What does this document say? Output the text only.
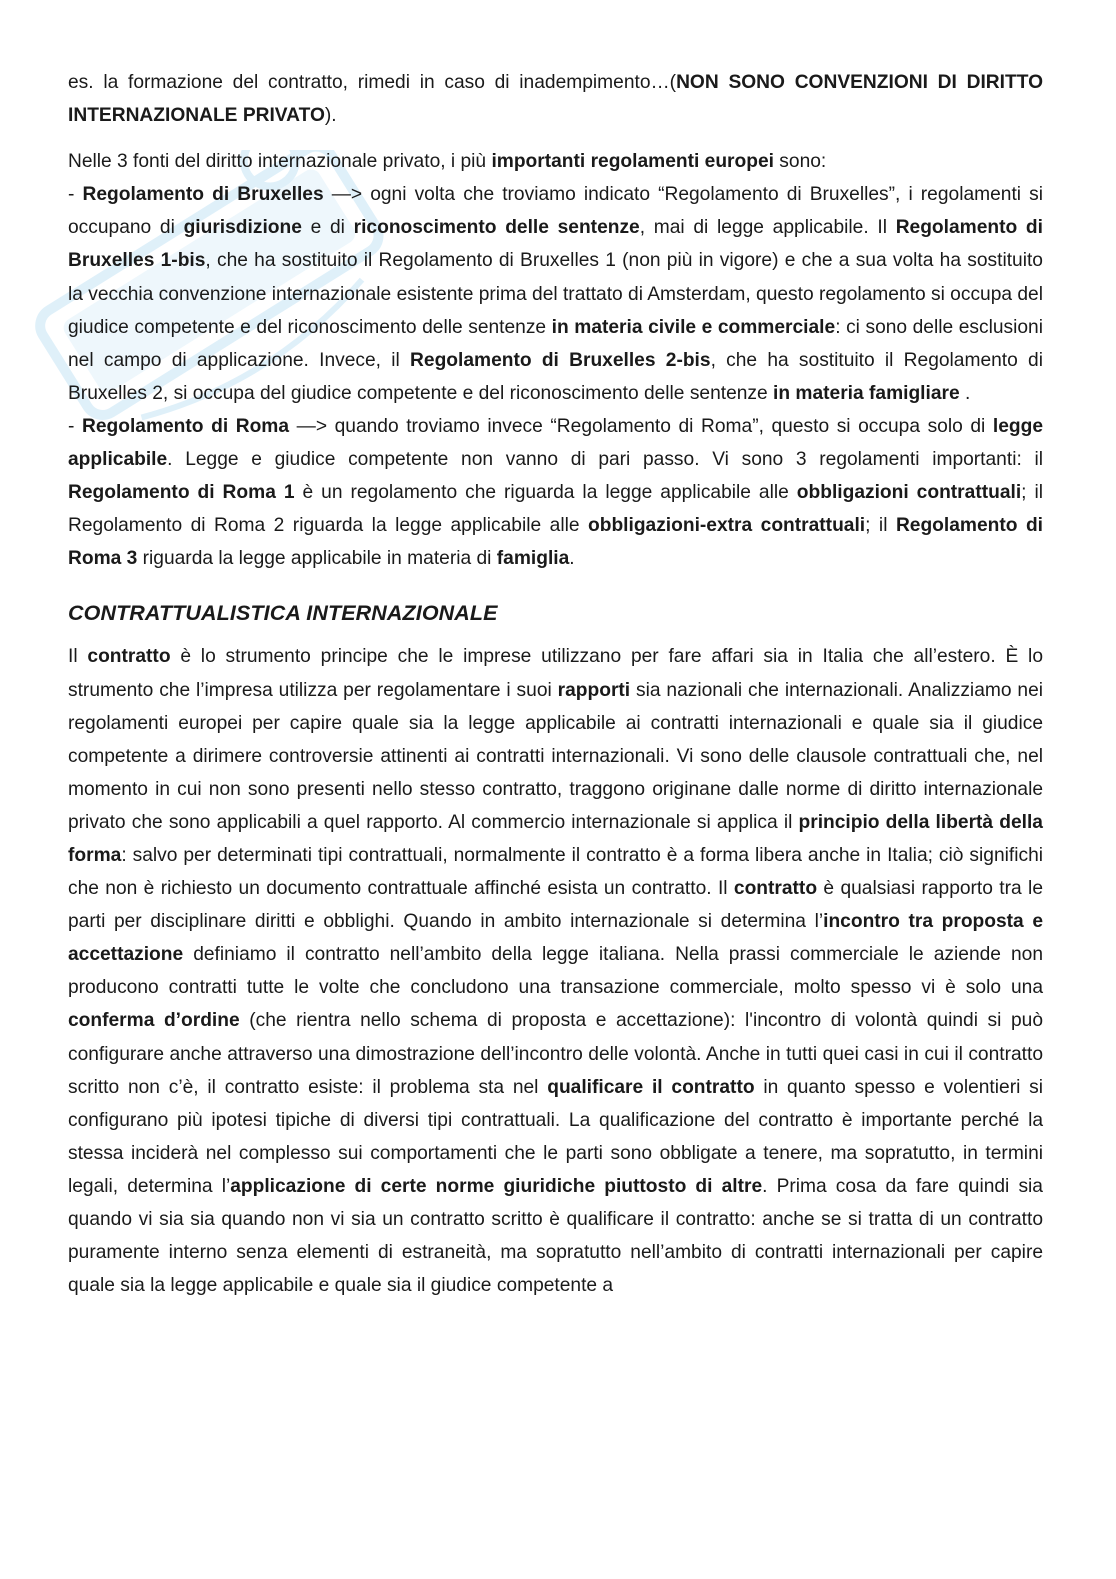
es. la formazione del contratto, rimedi in caso di inadempimento…(NON SONO CONVENZIONI DI DIRITTO INTERNAZIONALE PRIVATO).

Nelle 3 fonti del diritto internazionale privato, i più importanti regolamenti europei sono:

- Regolamento di Bruxelles —> ogni volta che troviamo indicato “Regolamento di Bruxelles”, i regolamenti si occupano di giurisdizione e di riconoscimento delle sentenze, mai di legge applicabile. Il Regolamento di Bruxelles 1-bis, che ha sostituito il Regolamento di Bruxelles 1 (non più in vigore) e che a sua volta ha sostituito la vecchia convenzione internazionale esistente prima del trattato di Amsterdam, questo regolamento si occupa del giudice competente e del riconoscimento delle sentenze in materia civile e commerciale: ci sono delle esclusioni nel campo di applicazione. Invece, il Regolamento di Bruxelles 2-bis, che ha sostituito il Regolamento di Bruxelles 2, si occupa del giudice competente e del riconoscimento delle sentenze in materia famigliare .

- Regolamento di Roma —> quando troviamo invece “Regolamento di Roma”, questo si occupa solo di legge applicabile. Legge e giudice competente non vanno di pari passo. Vi sono 3 regolamenti importanti: il Regolamento di Roma 1 è un regolamento che riguarda la legge applicabile alle obbligazioni contrattuali; il Regolamento di Roma 2 riguarda la legge applicabile alle obbligazioni-extra contrattuali; il Regolamento di Roma 3 riguarda la legge applicabile in materia di famiglia.

CONTRATTUALISTICA INTERNAZIONALE

Il contratto è lo strumento principe che le imprese utilizzano per fare affari sia in Italia che all’estero. È lo strumento che l’impresa utilizza per regolamentare i suoi rapporti sia nazionali che internazionali. Analizziamo nei regolamenti europei per capire quale sia la legge applicabile ai contratti internazionali e quale sia il giudice competente a dirimere controversie attinenti ai contratti internazionali. Vi sono delle clausole contrattuali che, nel momento in cui non sono presenti nello stesso contratto, traggono originane dalle norme di diritto internazionale privato che sono applicabili a quel rapporto. Al commercio internazionale si applica il principio della libertà della forma: salvo per determinati tipi contrattuali, normalmente il contratto è a forma libera anche in Italia; ciò significhi che non è richiesto un documento contrattuale affinché esista un contratto. Il contratto è qualsiasi rapporto tra le parti per disciplinare diritti e obblighi. Quando in ambito internazionale si determina l’incontro tra proposta e accettazione definiamo il contratto nell’ambito della legge italiana. Nella prassi commerciale le aziende non producono contratti tutte le volte che concludono una transazione commerciale, molto spesso vi è solo una conferma d’ordine (che rientra nello schema di proposta e accettazione): l'incontro di volontà quindi si può configurare anche attraverso una dimostrazione dell’incontro delle volontà. Anche in tutti quei casi in cui il contratto scritto non c’è, il contratto esiste: il problema sta nel qualificare il contratto in quanto spesso e volentieri si configurano più ipotesi tipiche di diversi tipi contrattuali. La qualificazione del contratto è importante perché la stessa inciderà nel complesso sui comportamenti che le parti sono obbligate a tenere, ma sopratutto, in termini legali, determina l’applicazione di certe norme giuridiche piuttosto di altre. Prima cosa da fare quindi sia quando vi sia sia quando non vi sia un contratto scritto è qualificare il contratto: anche se si tratta di un contratto puramente interno senza elementi di estraneità, ma sopratutto nell’ambito di contratti internazionali per capire quale sia la legge applicabile e quale sia il giudice competente a
